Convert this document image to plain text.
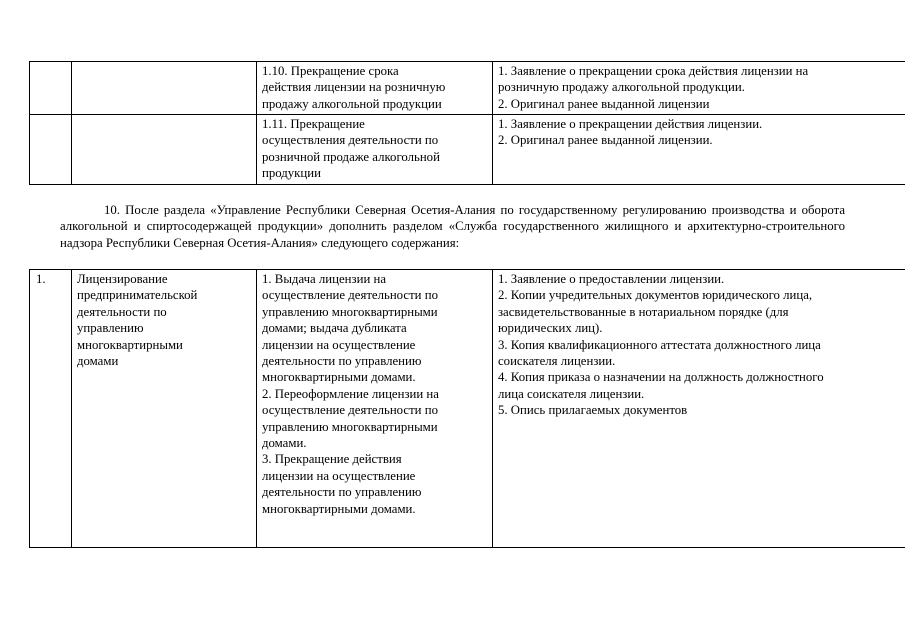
		1.10. Прекращение срока
действия лицензии на розничную
продажу алкогольной продукции	1. Заявление о прекращении срока действия лицензии на
розничную продажу алкогольной продукции.
2. Оригинал ранее выданной лицензии
		1.11. Прекращение
осуществления деятельности по
розничной продаже алкогольной
продукции	1. Заявление о прекращении действия лицензии.
2. Оригинал ранее выданной лицензии.

10. После раздела «Управление Республики Северная Осетия-Алания по государственному регулированию производства и оборота алкогольной и спиртосодержащей продукции» дополнить разделом «Служба государственного жилищного и архитектурно-строительного надзора Республики Северная Осетия-Алания» следующего содержания:

1.	Лицензирование
предпринимательской
деятельности по
управлению
многоквартирными
домами	1. Выдача лицензии на
осуществление деятельности по
управлению многоквартирными
домами; выдача дубликата
лицензии на осуществление
деятельности по управлению
многоквартирными домами.
2. Переоформление лицензии на
осуществление деятельности по
управлению многоквартирными
домами.
3. Прекращение действия
лицензии на осуществление
деятельности по управлению
многоквартирными домами.	1. Заявление о предоставлении лицензии.
2. Копии учредительных документов юридического лица,
засвидетельствованные в нотариальном порядке (для
юридических лиц).
3. Копия квалификационного аттестата должностного лица
соискателя лицензии.
4. Копия приказа о назначении на должность должностного
лица соискателя лицензии.
5. Опись прилагаемых документов
